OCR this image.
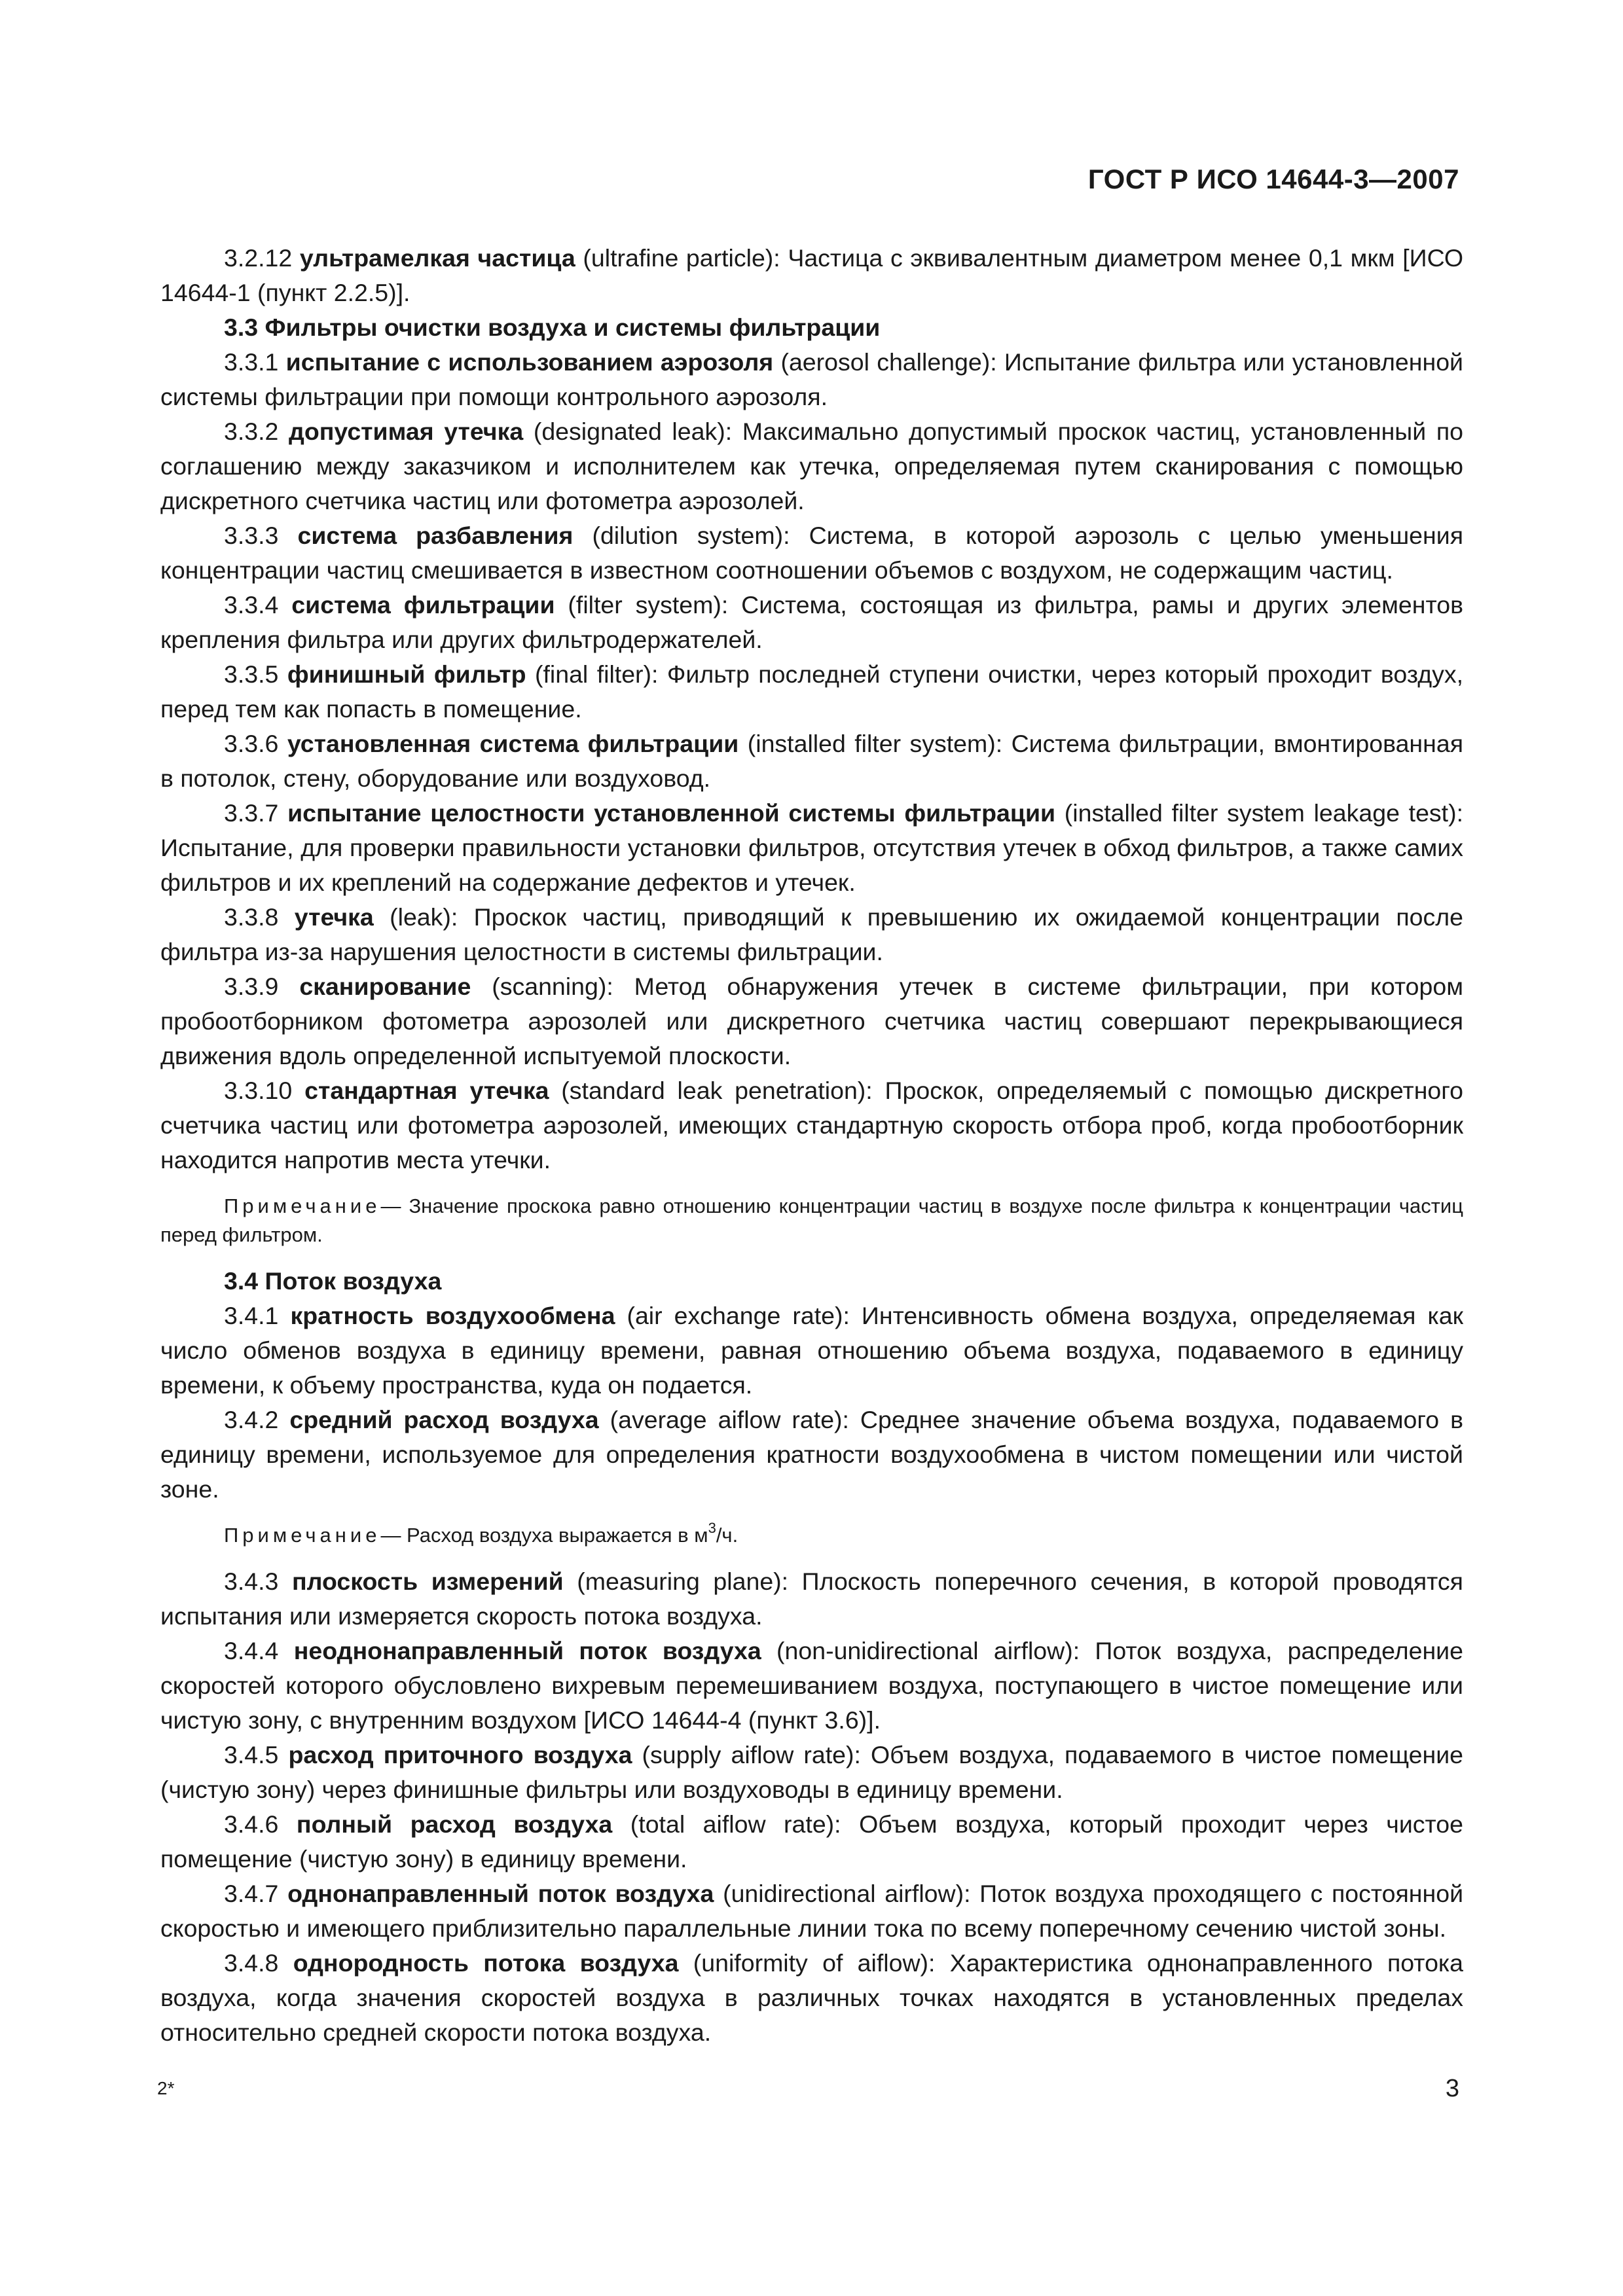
ГОСТ Р ИСО 14644-3—2007

3.2.12 ультрамелкая частица (ultrafine particle): Частица с эквивалентным диаметром менее 0,1 мкм [ИСО 14644-1 (пункт 2.2.5)].

3.3 Фильтры очистки воздуха и системы фильтрации

3.3.1 испытание с использованием аэрозоля (aerosol challenge): Испытание фильтра или установленной системы фильтрации при помощи контрольного аэрозоля.

3.3.2 допустимая утечка (designated leak): Максимально допустимый проскок частиц, установленный по соглашению между заказчиком и исполнителем как утечка, определяемая путем сканирования с помощью дискретного счетчика частиц или фотометра аэрозолей.

3.3.3 система разбавления (dilution system): Система, в которой аэрозоль с целью уменьшения концентрации частиц смешивается в известном соотношении объемов с воздухом, не содержащим частиц.

3.3.4 система фильтрации (filter system): Система, состоящая из фильтра, рамы и других элементов крепления фильтра или других фильтродержателей.

3.3.5 финишный фильтр (final filter): Фильтр последней ступени очистки, через который проходит воздух, перед тем как попасть в помещение.

3.3.6 установленная система фильтрации (installed filter system): Система фильтрации, вмонтированная в потолок, стену, оборудование или воздуховод.

3.3.7 испытание целостности установленной системы фильтрации (installed filter system leakage test): Испытание, для проверки правильности установки фильтров, отсутствия утечек в обход фильтров, а также самих фильтров и их креплений на содержание дефектов и утечек.

3.3.8 утечка (leak): Проскок частиц, приводящий к превышению их ожидаемой концентрации после фильтра из-за нарушения целостности в системы фильтрации.

3.3.9 сканирование (scanning): Метод обнаружения утечек в системе фильтрации, при котором пробоотборником фотометра аэрозолей или дискретного счетчика частиц совершают перекрывающиеся движения вдоль определенной испытуемой плоскости.

3.3.10 стандартная утечка (standard leak penetration): Проскок, определяемый с помощью дискретного счетчика частиц или фотометра аэрозолей, имеющих стандартную скорость отбора проб, когда пробоотборник находится напротив места утечки.

Примечание— Значение проскока равно отношению концентрации частиц в воздухе после фильтра к концентрации частиц перед фильтром.

3.4 Поток воздуха

3.4.1 кратность воздухообмена (air exchange rate): Интенсивность обмена воздуха, определяемая как число обменов воздуха в единицу времени, равная отношению объема воздуха, подаваемого в единицу времени, к объему пространства, куда он подается.

3.4.2 средний расход воздуха (average aiflow rate): Среднее значение объема воздуха, подаваемого в единицу времени, используемое для определения кратности воздухообмена в чистом помещении или чистой зоне.

Примечание— Расход воздуха выражается в $м^3/ч$.

3.4.3 плоскость измерений (measuring plane): Плоскость поперечного сечения, в которой проводятся испытания или измеряется скорость потока воздуха.

3.4.4 неоднонаправленный поток воздуха (non-unidirectional airflow): Поток воздуха, распределение скоростей которого обусловлено вихревым перемешиванием воздуха, поступающего в чистое помещение или чистую зону, с внутренним воздухом [ИСО 14644-4 (пункт 3.6)].

3.4.5 расход приточного воздуха (supply aiflow rate): Объем воздуха, подаваемого в чистое помещение (чистую зону) через финишные фильтры или воздуховоды в единицу времени.

3.4.6 полный расход воздуха (total aiflow rate): Объем воздуха, который проходит через чистое помещение (чистую зону) в единицу времени.

3.4.7 однонаправленный поток воздуха (unidirectional airflow): Поток воздуха проходящего с постоянной скоростью и имеющего приблизительно параллельные линии тока по всему поперечному сечению чистой зоны.

3.4.8 однородность потока воздуха (uniformity of aiflow): Характеристика однонаправленного потока воздуха, когда значения скоростей воздуха в различных точках находятся в установленных пределах относительно средней скорости потока воздуха.

2*	3
